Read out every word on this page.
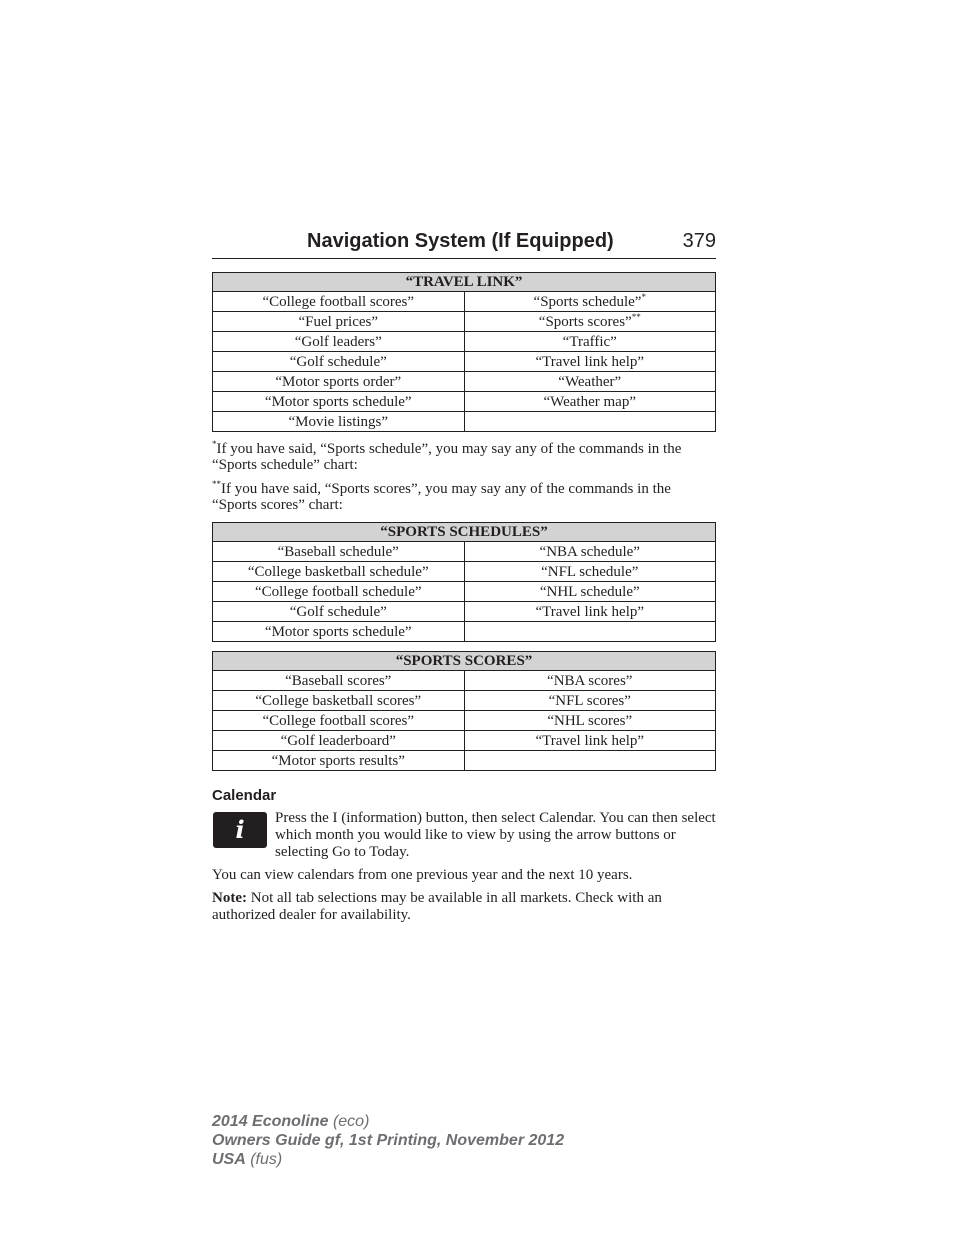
Navigation System (If Equipped)	379
“TRAVEL LINK”	
“College football scores”	“Sports schedule”*
“Fuel prices”	“Sports scores”**
“Golf leaders”	“Traffic”
“Golf schedule”	“Travel link help”
“Motor sports order”	“Weather”
“Motor sports schedule”	“Weather map”
“Movie listings”	
*If you have said, “Sports schedule”, you may say any of the commands in the “Sports schedule” chart:
**If you have said, “Sports scores”, you may say any of the commands in the “Sports scores” chart:
“SPORTS SCHEDULES”	
“Baseball schedule”	“NBA schedule”
“College basketball schedule”	“NFL schedule”
“College football schedule”	“NHL schedule”
“Golf schedule”	“Travel link help”
“Motor sports schedule”	
“SPORTS SCORES”	
“Baseball scores”	“NBA scores”
“College basketball scores”	“NFL scores”
“College football scores”	“NHL scores”
“Golf leaderboard”	“Travel link help”
“Motor sports results”	
Calendar
i Press the I (information) button, then select Calendar. You can then select which month you would like to view by using the arrow buttons or selecting Go to Today.
You can view calendars from one previous year and the next 10 years.
Note: Not all tab selections may be available in all markets. Check with an authorized dealer for availability.
2014 Econoline (eco)
Owners Guide gf, 1st Printing, November 2012
USA (fus)
